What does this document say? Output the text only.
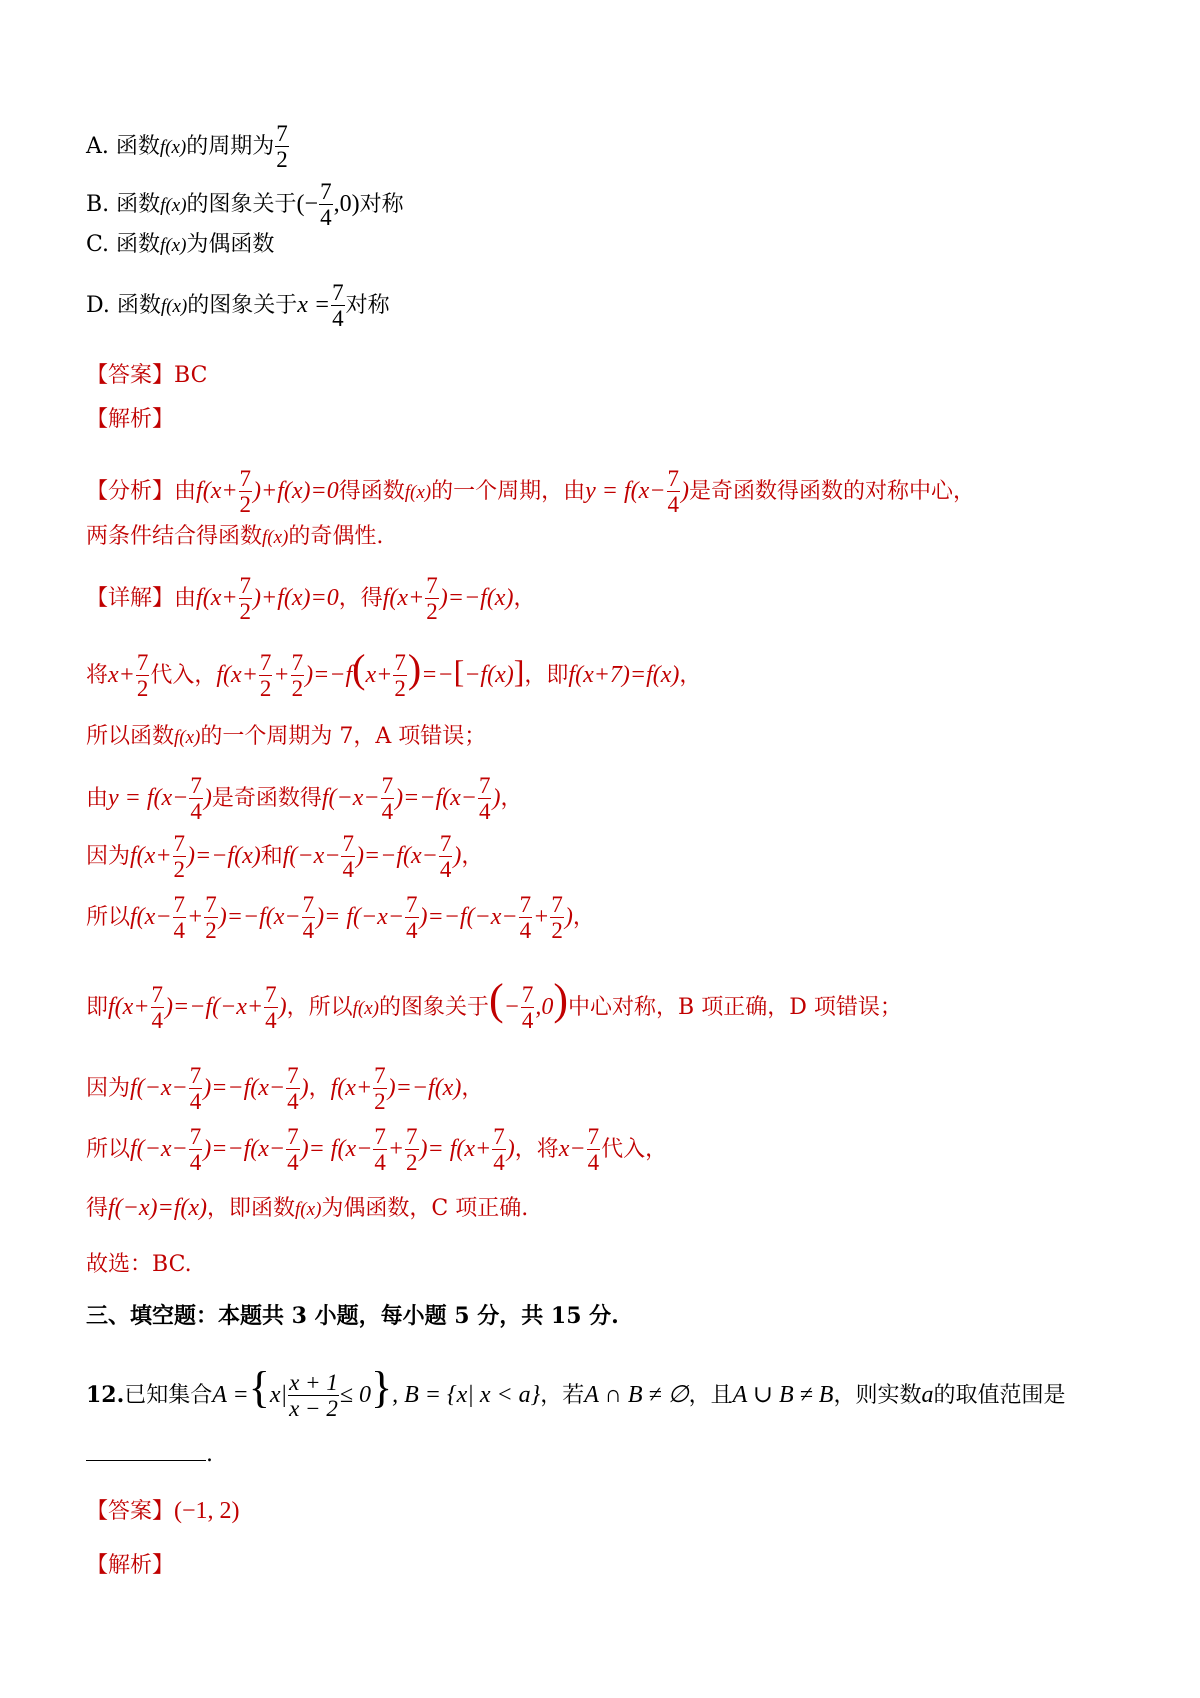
A. 函数f(x)的周期为 $\frac{7}{2}$
B. 函数f(x)的图象关于(− $\frac{7}{4} ,0$)对称
C. 函数f(x)为偶函数
D. 函数f(x)的图象关于$x = \frac{7}{4}$ 对称
【答案】BC
【解析】
【分析】由$f(x+ \frac{7}{2} )+f(x)=0$得函数f(x)的一个周期，由$y = f(x- \frac{7}{4}$ )是奇函数得函数的对称中心，
两条件结合得函数f(x)的奇偶性.
【详解】由$f(x+ \frac{7}{2} )+f(x)=0$，得$f(x+ \frac{7}{2} )=-f(x)$，
将$x+ \frac{7}{2}$ 代入，$f(x+ \frac{7}{2} + \frac{7}{2} )=-f(x+ \frac{7}{2} )=-[-f(x)]$，即f(x+7)=f(x)，
所以函数f(x)的一个周期为 7，A 项错误；
由$y = f(x- \frac{7}{4}$ )是奇函数得$f(-x- \frac{7}{4} )=-f(x- \frac{7}{4}$ )，
因为$f(x+ \frac{7}{2} )=-f(x)$和$f(-x- \frac{7}{4} )=-f(x- \frac{7}{4}$ )，
所以$f(x- \frac{7}{4} + \frac{7}{2} )=-f(x- \frac{7}{4}$ )= $f(-x- \frac{7}{4} )=-f(-x- \frac{7}{4} + \frac{7}{2}$ )，
即$f(x+ \frac{7}{4} )=-f(-x+ \frac{7}{4}$ )，所以f(x)的图象关于(− $\frac{7}{4} ,0$)中心对称，B 项正确，D 项错误；
因为$f(-x- \frac{7}{4} )=-f(x- \frac{7}{4}$ )，$f(x+ \frac{7}{2} )=-f(x)$，
所以$f(-x- \frac{7}{4} )=-f(x- \frac{7}{4}$ )= $f(x- \frac{7}{4} + \frac{7}{2}$ )= $f(x+ \frac{7}{4}$ )，将$x- \frac{7}{4}$ 代入，
得f(−x)=f(x)，即函数f(x)为偶函数，C 项正确.
故选：BC.
三、填空题：本题共 3 小题，每小题 5 分，共 15 分.
12.已知集合$A =\{x| \frac{x + 1}{x - 2} \le 0\}$, B = {x| x < a}，若A ∩ B ≠ ∅，且A ∪ B ≠ B，则实数a的取值范围是
.
【答案】(−1, 2)
【解析】
